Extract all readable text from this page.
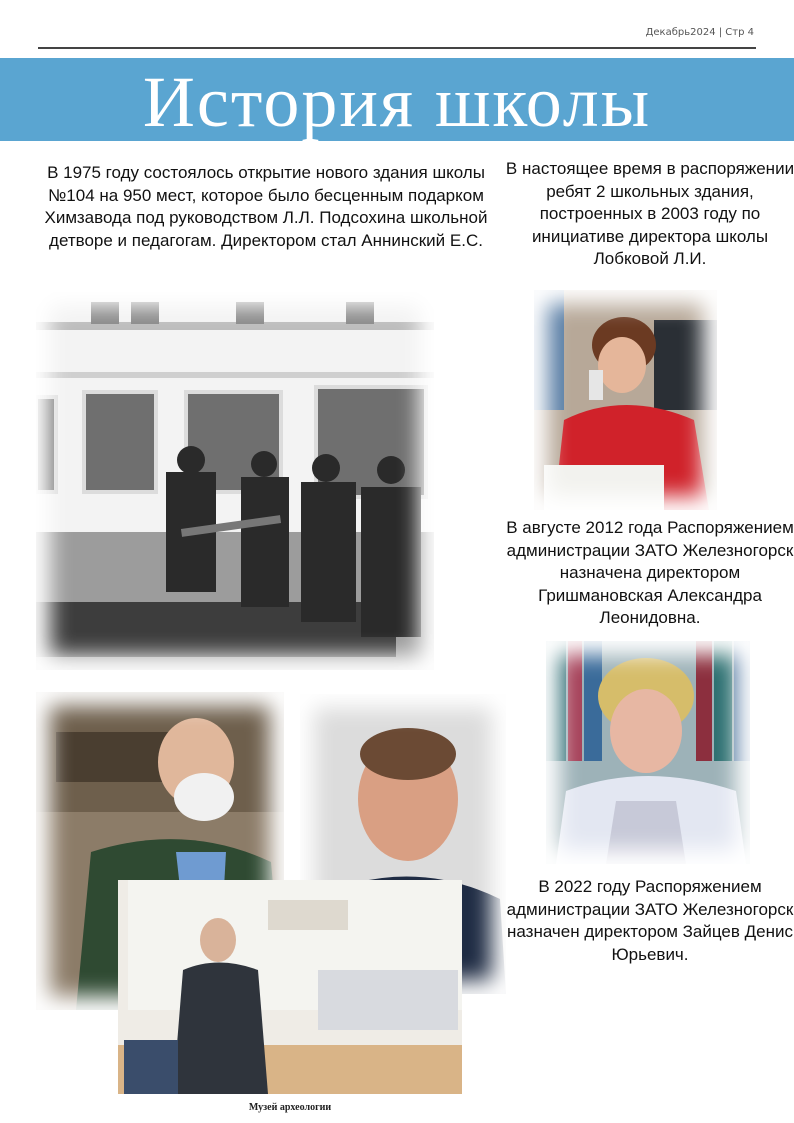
Декабрь2024 | Стр 4
История школы
В 1975 году состоялось открытие нового здания школы №104 на 950 мест, которое было бесценным подарком Химзавода под руководством Л.Л. Подсохина школьной детворе и педагогам. Директором стал Аннинский Е.С.
В настоящее время в распоряжении ребят 2 школьных здания, построенных в 2003 году по инициативе директора школы Лобковой Л.И.
В августе 2012 года Распоряжением администрации ЗАТО Железногорск назначена директором Гришмановская Александра Леонидовна.
В 2022 году Распоряжением администрации ЗАТО Железногорск назначен директором Зайцев Денис Юрьевич.
Музей археологии
